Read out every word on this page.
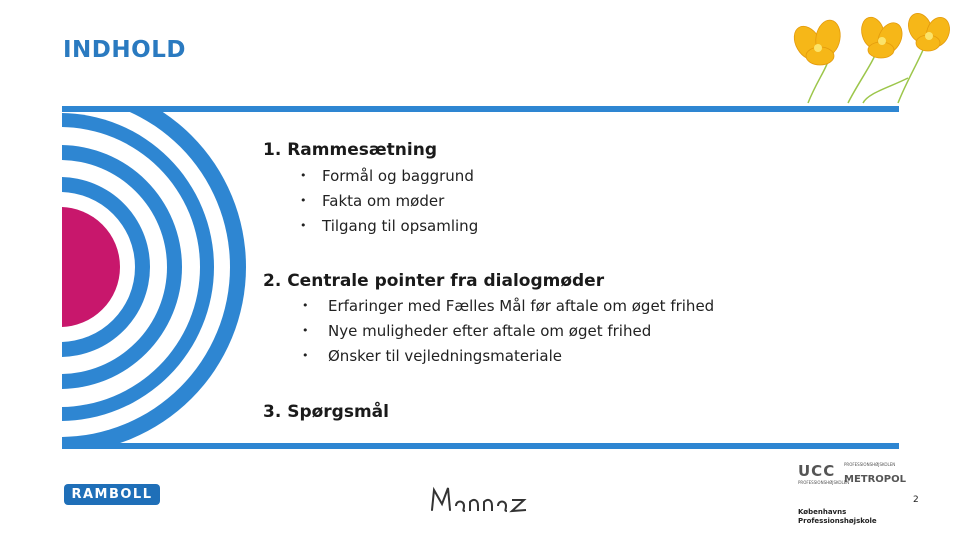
INDHOLD
1. Rammesætning
• Formål og baggrund
• Fakta om møder
• Tilgang til opsamling
2. Centrale pointer fra dialogmøder
• Erfaringer med Fælles Mål før aftale om øget frihed
• Nye muligheder efter aftale om øget frihed
• Ønsker til vejledningsmateriale
3. Spørgsmål
RAMBOLL
Mannaz
UCC
PROFESSIONSHØJSKOLEN
PROFESSIONSHØJSKOLEN
METROPOL
Københavns
Professionshøjskole
2
